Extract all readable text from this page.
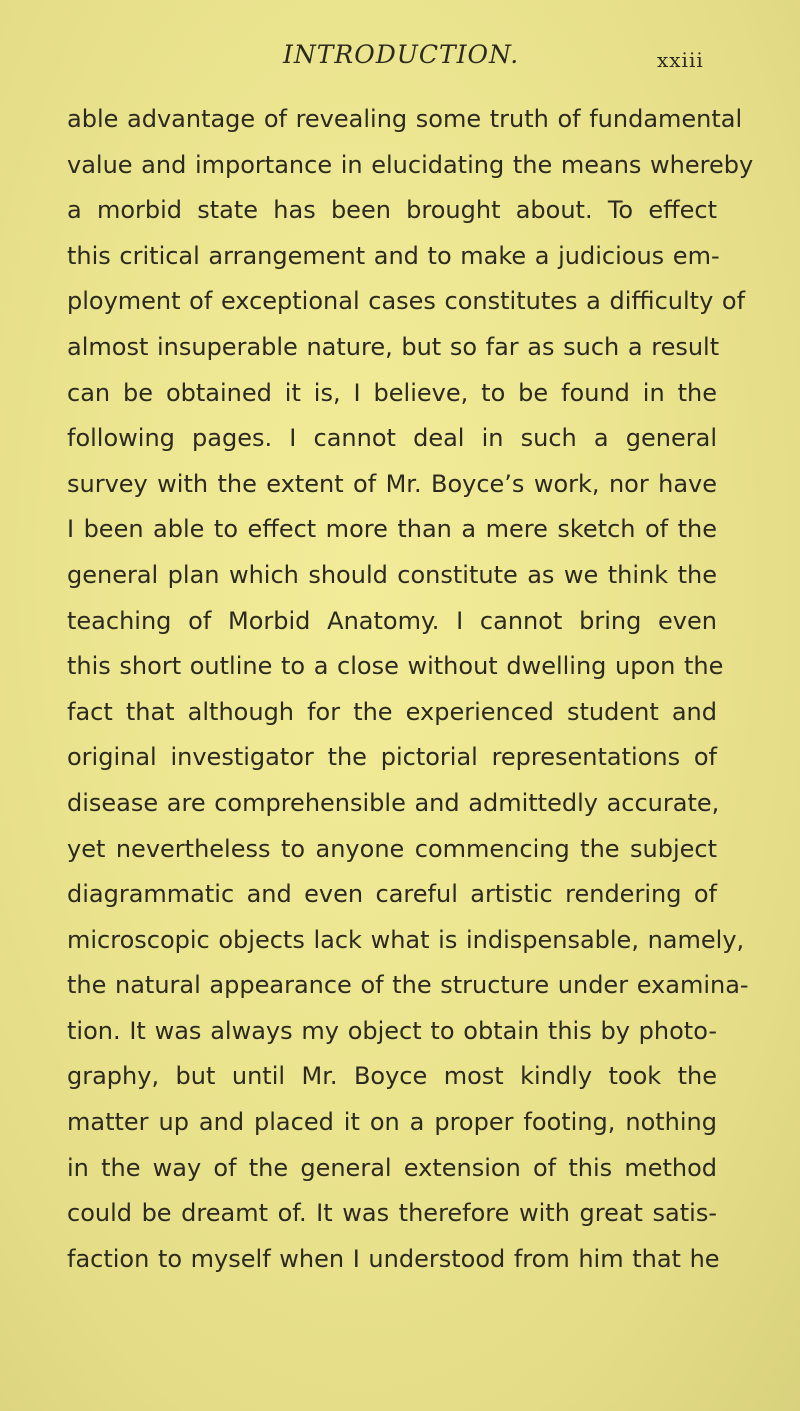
INTRODUCTION.	xxiii
able advantage of revealing some truth of fundamental
value and importance in elucidating the means whereby
a morbid state has been brought about. To effect
this critical arrangement and to make a judicious em-
ployment of exceptional cases constitutes a difficulty of
almost insuperable nature, but so far as such a result
can be obtained it is, I believe, to be found in the
following pages. I cannot deal in such a general
survey with the extent of Mr. Boyce’s work, nor have
I been able to effect more than a mere sketch of the
general plan which should constitute as we think the
teaching of Morbid Anatomy. I cannot bring even
this short outline to a close without dwelling upon the
fact that although for the experienced student and
original investigator the pictorial representations of
disease are comprehensible and admittedly accurate,
yet nevertheless to anyone commencing the subject
diagrammatic and even careful artistic rendering of
microscopic objects lack what is indispensable, namely,
the natural appearance of the structure under examina-
tion. It was always my object to obtain this by photo-
graphy, but until Mr. Boyce most kindly took the
matter up and placed it on a proper footing, nothing
in the way of the general extension of this method
could be dreamt of. It was therefore with great satis-
faction to myself when I understood from him that he
